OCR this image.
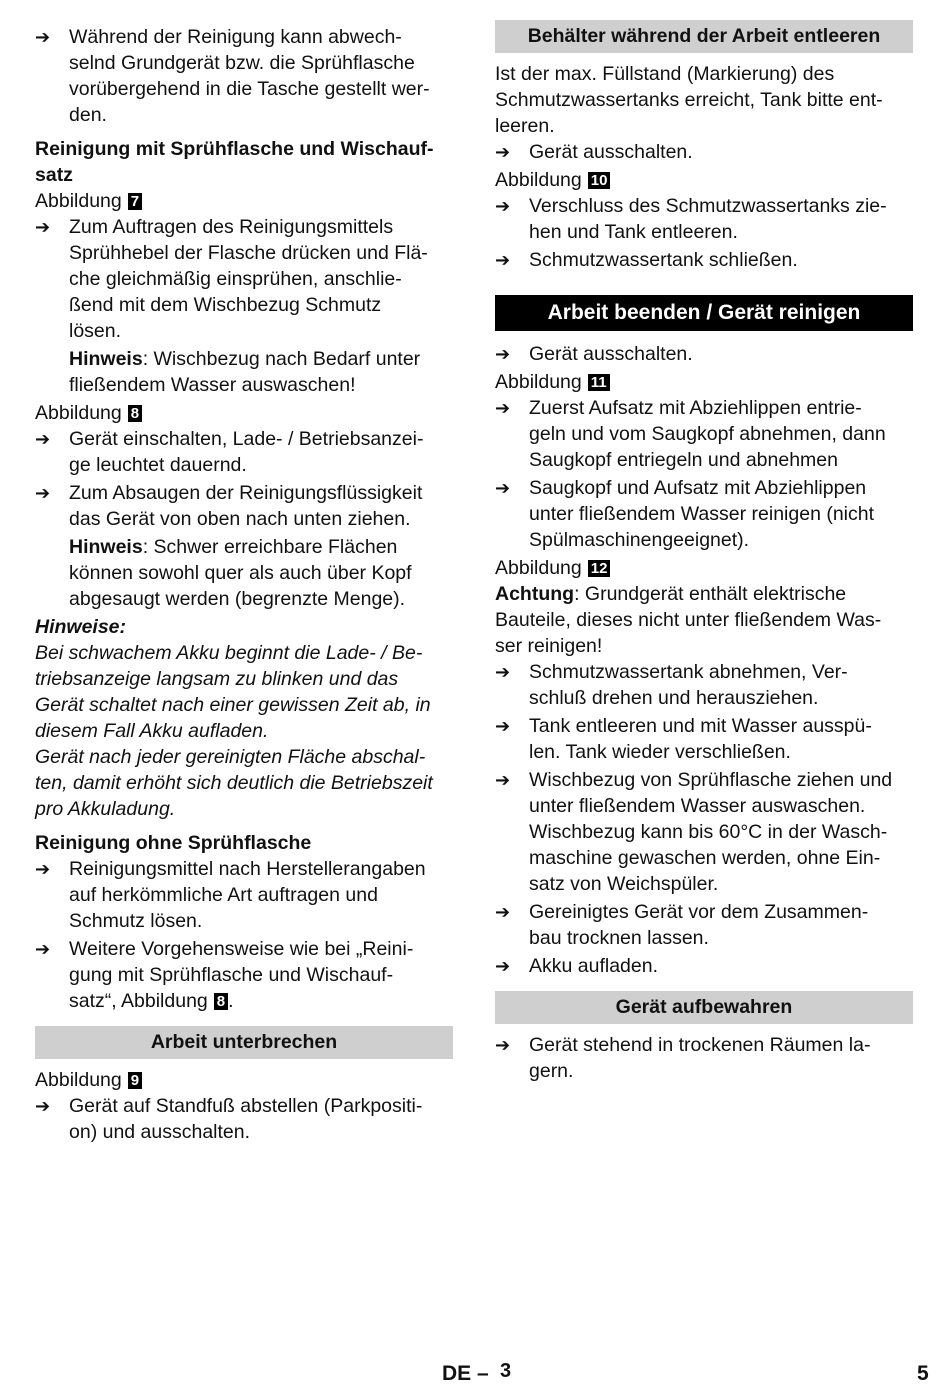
➔ Während der Reinigung kann abwech-
selnd Grundgerät bzw. die Sprühflasche
vorübergehend in die Tasche gestellt wer-
den.
Reinigung mit Sprühflasche und Wischauf-
satz
Abbildung 7
➔ Zum Auftragen des Reinigungsmittels
Sprühhebel der Flasche drücken und Flä-
che gleichmäßig einsprühen, anschlie-
ßend mit dem Wischbezug Schmutz
lösen.
Hinweis: Wischbezug nach Bedarf unter
fließendem Wasser auswaschen!
Abbildung 8
➔ Gerät einschalten, Lade- / Betriebsanzei-
ge leuchtet dauernd.
➔ Zum Absaugen der Reinigungsflüssigkeit
das Gerät von oben nach unten ziehen.
Hinweis: Schwer erreichbare Flächen
können sowohl quer als auch über Kopf
abgesaugt werden (begrenzte Menge).
Hinweise:
Bei schwachem Akku beginnt die Lade- / Be-
triebsanzeige langsam zu blinken und das
Gerät schaltet nach einer gewissen Zeit ab, in
diesem Fall Akku aufladen.
Gerät nach jeder gereinigten Fläche abschal-
ten, damit erhöht sich deutlich die Betriebszeit
pro Akkuladung.
Reinigung ohne Sprühflasche
➔ Reinigungsmittel nach Herstellerangaben
auf herkömmliche Art auftragen und
Schmutz lösen.
➔ Weitere Vorgehensweise wie bei „Reini-
gung mit Sprühflasche und Wischauf-
satz“, Abbildung 8 .
Arbeit unterbrechen
Abbildung 9
➔ Gerät auf Standfuß abstellen (Parkpositi-
on) und ausschalten.
Behälter während der Arbeit entleeren
Ist der max. Füllstand (Markierung) des
Schmutzwassertanks erreicht, Tank bitte ent-
leeren.
➔ Gerät ausschalten.
Abbildung 10
➔ Verschluss des Schmutzwassertanks zie-
hen und Tank entleeren.
➔ Schmutzwassertank schließen.
Arbeit beenden / Gerät reinigen
➔ Gerät ausschalten.
Abbildung 11
➔ Zuerst Aufsatz mit Abziehlippen entrie-
geln und vom Saugkopf abnehmen, dann
Saugkopf entriegeln und abnehmen
➔ Saugkopf und Aufsatz mit Abziehlippen
unter fließendem Wasser reinigen (nicht
Spülmaschinengeeignet).
Abbildung 12
Achtung: Grundgerät enthält elektrische
Bauteile, dieses nicht unter fließendem Was-
ser reinigen!
➔ Schmutzwassertank abnehmen, Ver-
schluß drehen und herausziehen.
➔ Tank entleeren und mit Wasser ausspü-
len. Tank wieder verschließen.
➔ Wischbezug von Sprühflasche ziehen und
unter fließendem Wasser auswaschen.
Wischbezug kann bis 60°C in der Wasch-
maschine gewaschen werden, ohne Ein-
satz von Weichspüler.
➔ Gereinigtes Gerät vor dem Zusammen-
bau trocknen lassen.
➔ Akku aufladen.
Gerät aufbewahren
➔ Gerät stehend in trockenen Räumen la-
gern.
DE – 3	5
